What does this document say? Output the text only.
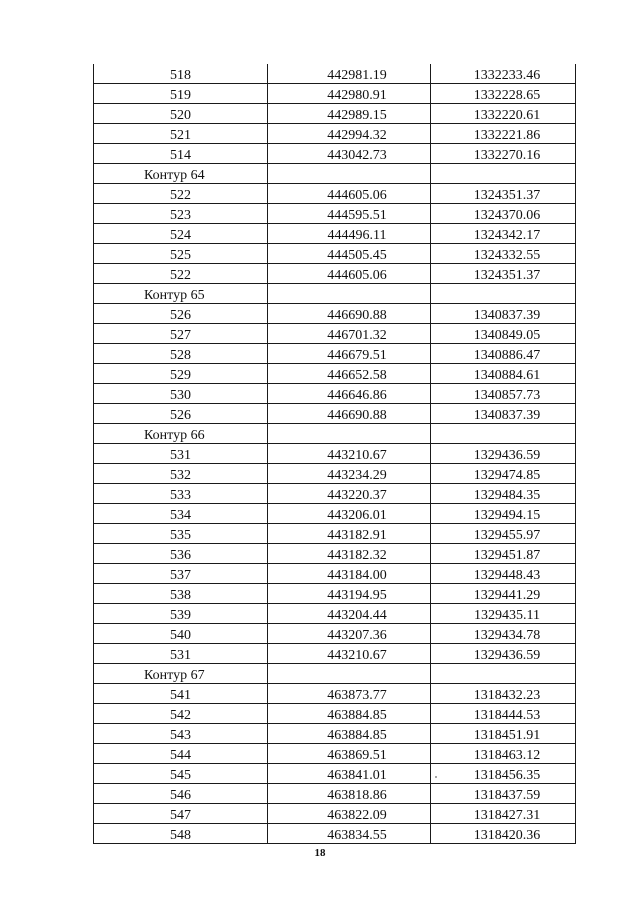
518	442981.19	1332233.46
519	442980.91	1332228.65
520	442989.15	1332220.61
521	442994.32	1332221.86
514	443042.73	1332270.16
Контур 64		
522	444605.06	1324351.37
523	444595.51	1324370.06
524	444496.11	1324342.17
525	444505.45	1324332.55
522	444605.06	1324351.37
Контур 65		
526	446690.88	1340837.39
527	446701.32	1340849.05
528	446679.51	1340886.47
529	446652.58	1340884.61
530	446646.86	1340857.73
526	446690.88	1340837.39
Контур 66		
531	443210.67	1329436.59
532	443234.29	1329474.85
533	443220.37	1329484.35
534	443206.01	1329494.15
535	443182.91	1329455.97
536	443182.32	1329451.87
537	443184.00	1329448.43
538	443194.95	1329441.29
539	443204.44	1329435.11
540	443207.36	1329434.78
531	443210.67	1329436.59
Контур 67		
541	463873.77	1318432.23
542	463884.85	1318444.53
543	463884.85	1318451.91
544	463869.51	1318463.12
545	463841.01	1318456.35
546	463818.86	1318437.59
547	463822.09	1318427.31
548	463834.55	1318420.36
18
